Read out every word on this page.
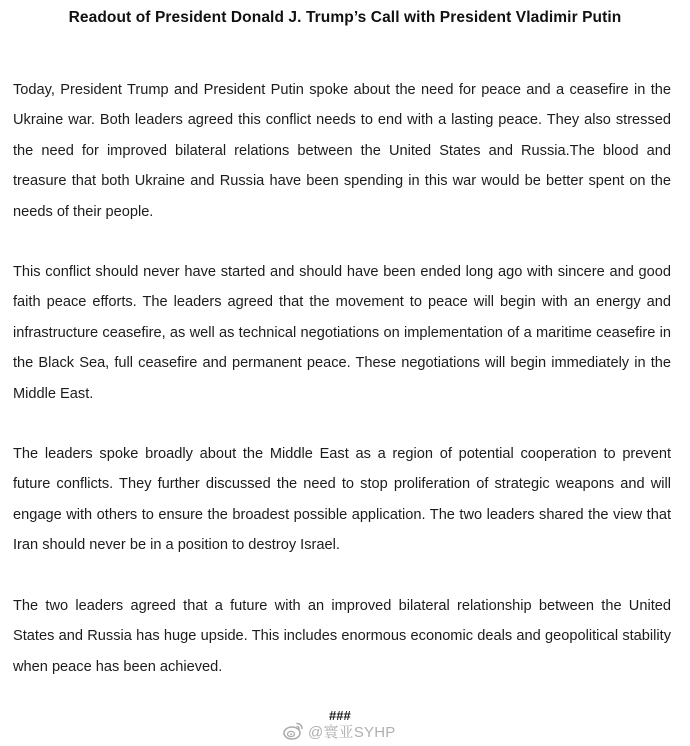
Readout of President Donald J. Trump’s Call with President Vladimir Putin

Today, President Trump and President Putin spoke about the need for peace and a ceasefire in the Ukraine war. Both leaders agreed this conflict needs to end with a lasting peace. They also stressed the need for improved bilateral relations between the United States and Russia.The blood and treasure that both Ukraine and Russia have been spending in this war would be better spent on the needs of their people.

This conflict should never have started and should have been ended long ago with sincere and good faith peace efforts. The leaders agreed that the movement to peace will begin with an energy and infrastructure ceasefire, as well as technical negotiations on implementation of a maritime ceasefire in the Black Sea, full ceasefire and permanent peace. These negotiations will begin immediately in the Middle East.

The leaders spoke broadly about the Middle East as a region of potential cooperation to prevent future conflicts. They further discussed the need to stop proliferation of strategic weapons and will engage with others to ensure the broadest possible application. The two leaders shared the view that Iran should never be in a position to destroy Israel.

The two leaders agreed that a future with an improved bilateral relationship between the United States and Russia has huge upside. This includes enormous economic deals and geopolitical stability when peace has been achieved.

###
@寰亚SYHP
